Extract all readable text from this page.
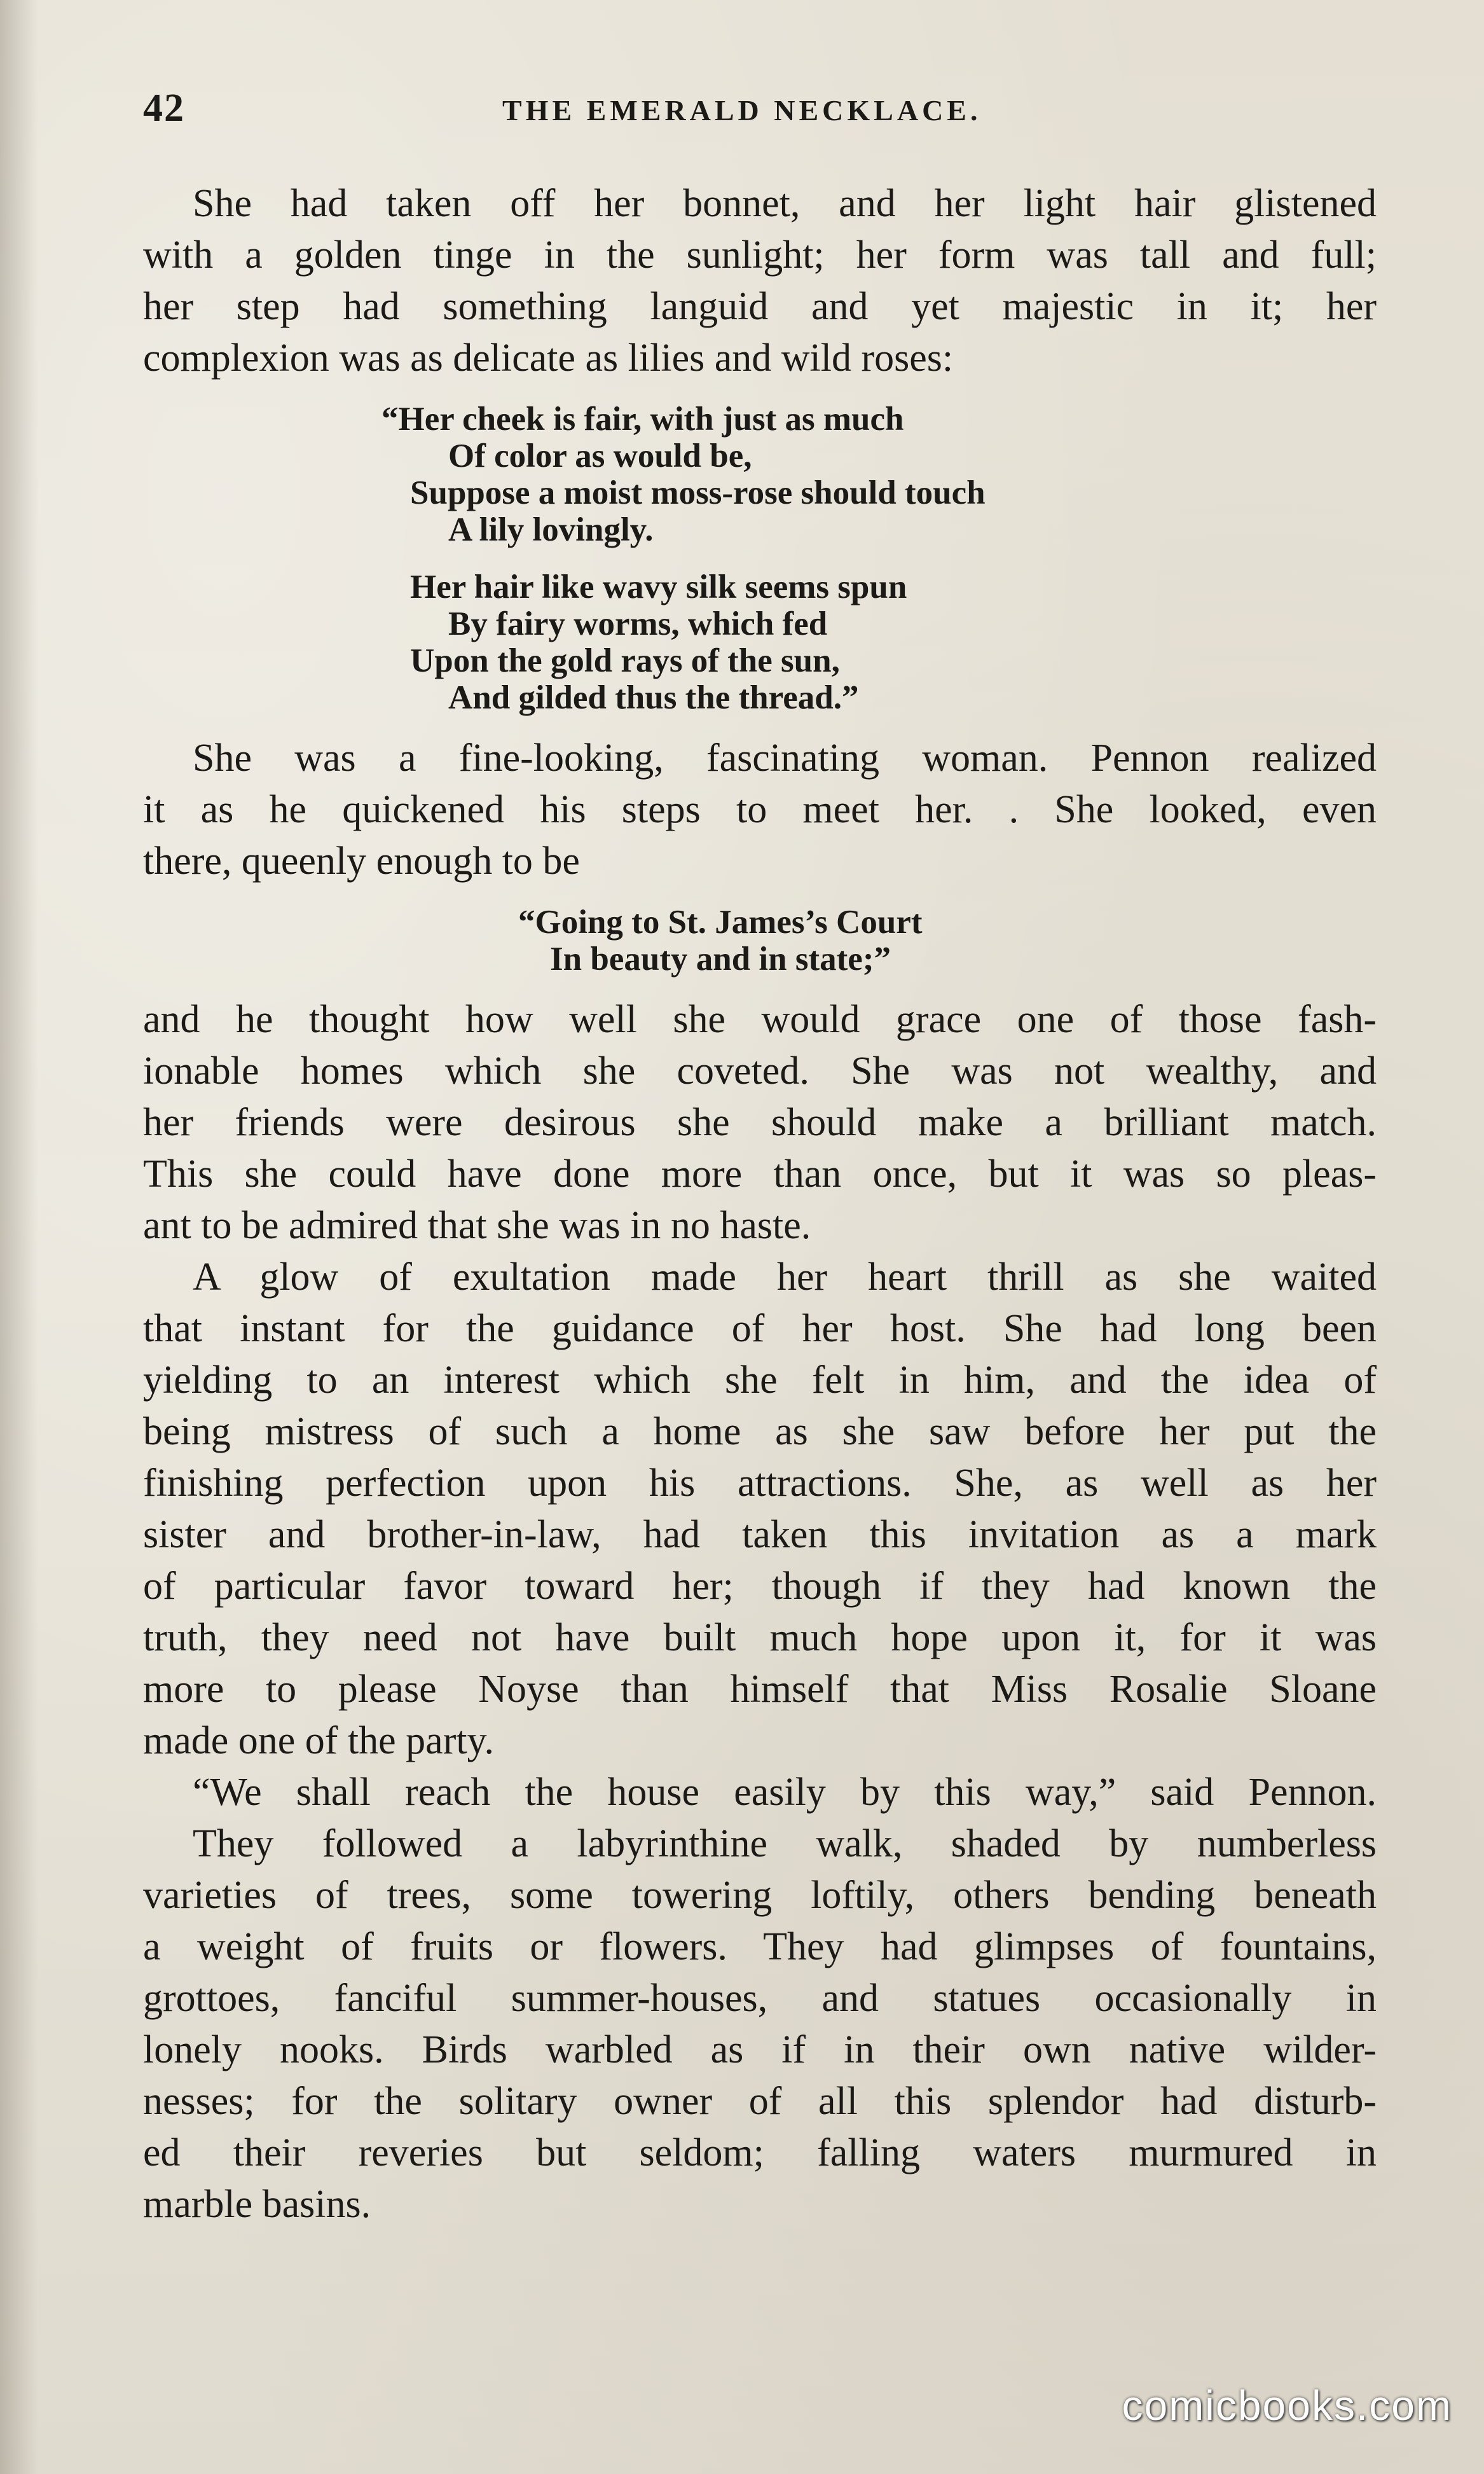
42	THE EMERALD NECKLACE.
She had taken off her bonnet, and her light hair glistened
with a golden tinge in the sunlight; her form was tall and full;
her step had something languid and yet majestic in it; her
complexion was as delicate as lilies and wild roses:
“Her cheek is fair, with just as much
Of color as would be,
Suppose a moist moss-rose should touch
A lily lovingly.
Her hair like wavy silk seems spun
By fairy worms, which fed
Upon the gold rays of the sun,
And gilded thus the thread.”
She was a fine-looking, fascinating woman. Pennon realized
it as he quickened his steps to meet her. . She looked, even
there, queenly enough to be
“Going to St. James’s Court
In beauty and in state;”
and he thought how well she would grace one of those fash-
ionable homes which she coveted. She was not wealthy, and
her friends were desirous she should make a brilliant match.
This she could have done more than once, but it was so pleas-
ant to be admired that she was in no haste.
A glow of exultation made her heart thrill as she waited
that instant for the guidance of her host. She had long been
yielding to an interest which she felt in him, and the idea of
being mistress of such a home as she saw before her put the
finishing perfection upon his attractions. She, as well as her
sister and brother-in-law, had taken this invitation as a mark
of particular favor toward her; though if they had known the
truth, they need not have built much hope upon it, for it was
more to please Noyse than himself that Miss Rosalie Sloane
made one of the party.
“We shall reach the house easily by this way,” said Pennon.
They followed a labyrinthine walk, shaded by numberless
varieties of trees, some towering loftily, others bending beneath
a weight of fruits or flowers. They had glimpses of fountains,
grottoes, fanciful summer-houses, and statues occasionally in
lonely nooks. Birds warbled as if in their own native wilder-
nesses; for the solitary owner of all this splendor had disturb-
ed their reveries but seldom; falling waters murmured in
marble basins.
comicbooks.com
